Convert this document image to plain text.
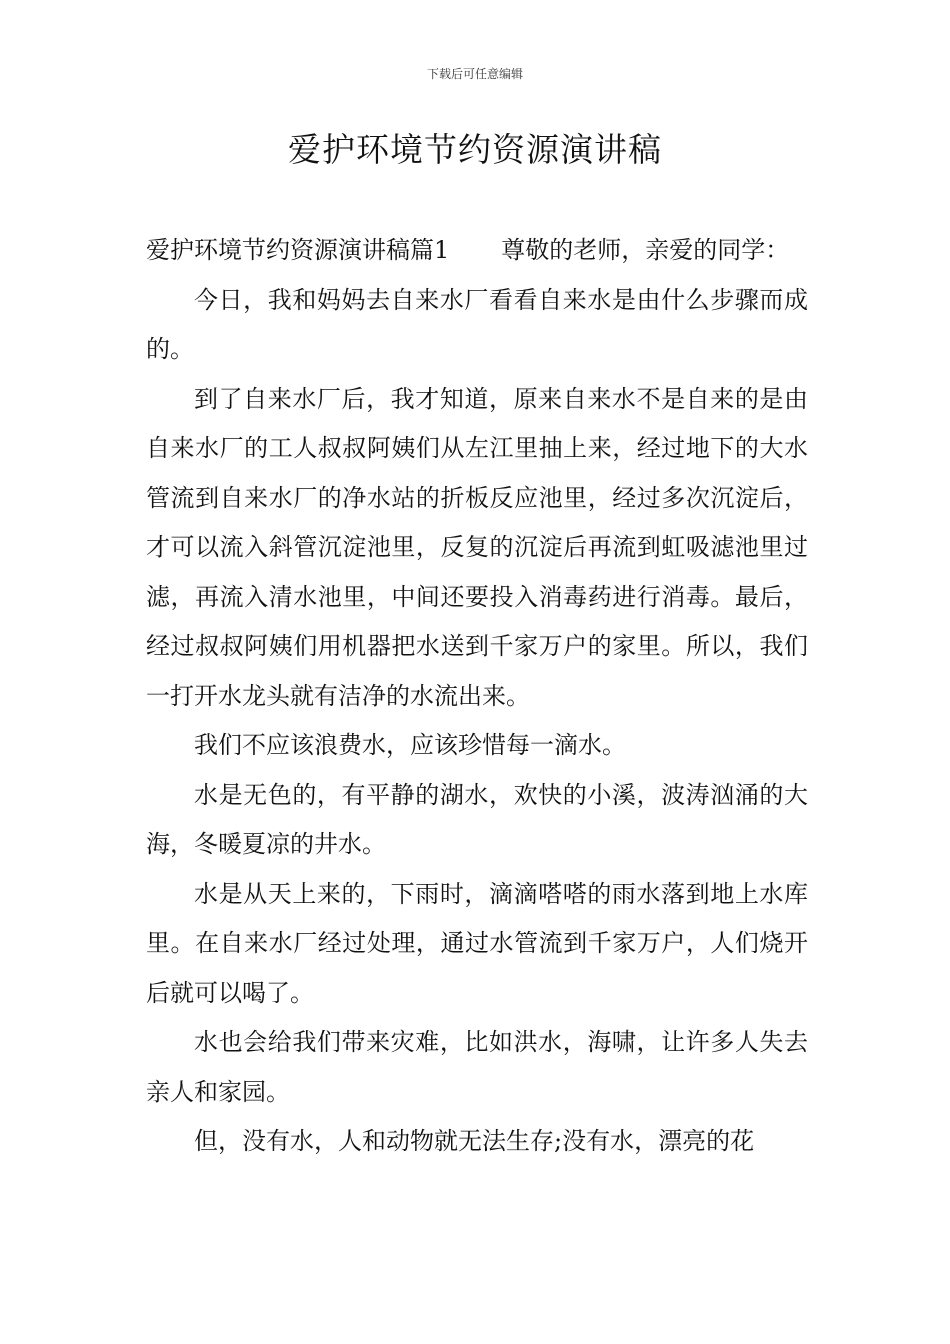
下载后可任意编辑
爱护环境节约资源演讲稿

爱护环境节约资源演讲稿篇1 尊敬的老师，亲爱的同学：

今日，我和妈妈去自来水厂看看自来水是由什么步骤而成的。

到了自来水厂后，我才知道，原来自来水不是自来的是由自来水厂的工人叔叔阿姨们从左江里抽上来，经过地下的大水管流到自来水厂的净水站的折板反应池里，经过多次沉淀后，才可以流入斜管沉淀池里，反复的沉淀后再流到虹吸滤池里过滤，再流入清水池里，中间还要投入消毒药进行消毒。最后，经过叔叔阿姨们用机器把水送到千家万户的家里。所以，我们一打开水龙头就有洁净的水流出来。

我们不应该浪费水，应该珍惜每一滴水。

水是无色的，有平静的湖水，欢快的小溪，波涛汹涌的大海，冬暖夏凉的井水。

水是从天上来的，下雨时，滴滴嗒嗒的雨水落到地上水库里。在自来水厂经过处理，通过水管流到千家万户，人们烧开后就可以喝了。

水也会给我们带来灾难，比如洪水，海啸，让许多人失去亲人和家园。

但，没有水，人和动物就无法生存;没有水，漂亮的花
